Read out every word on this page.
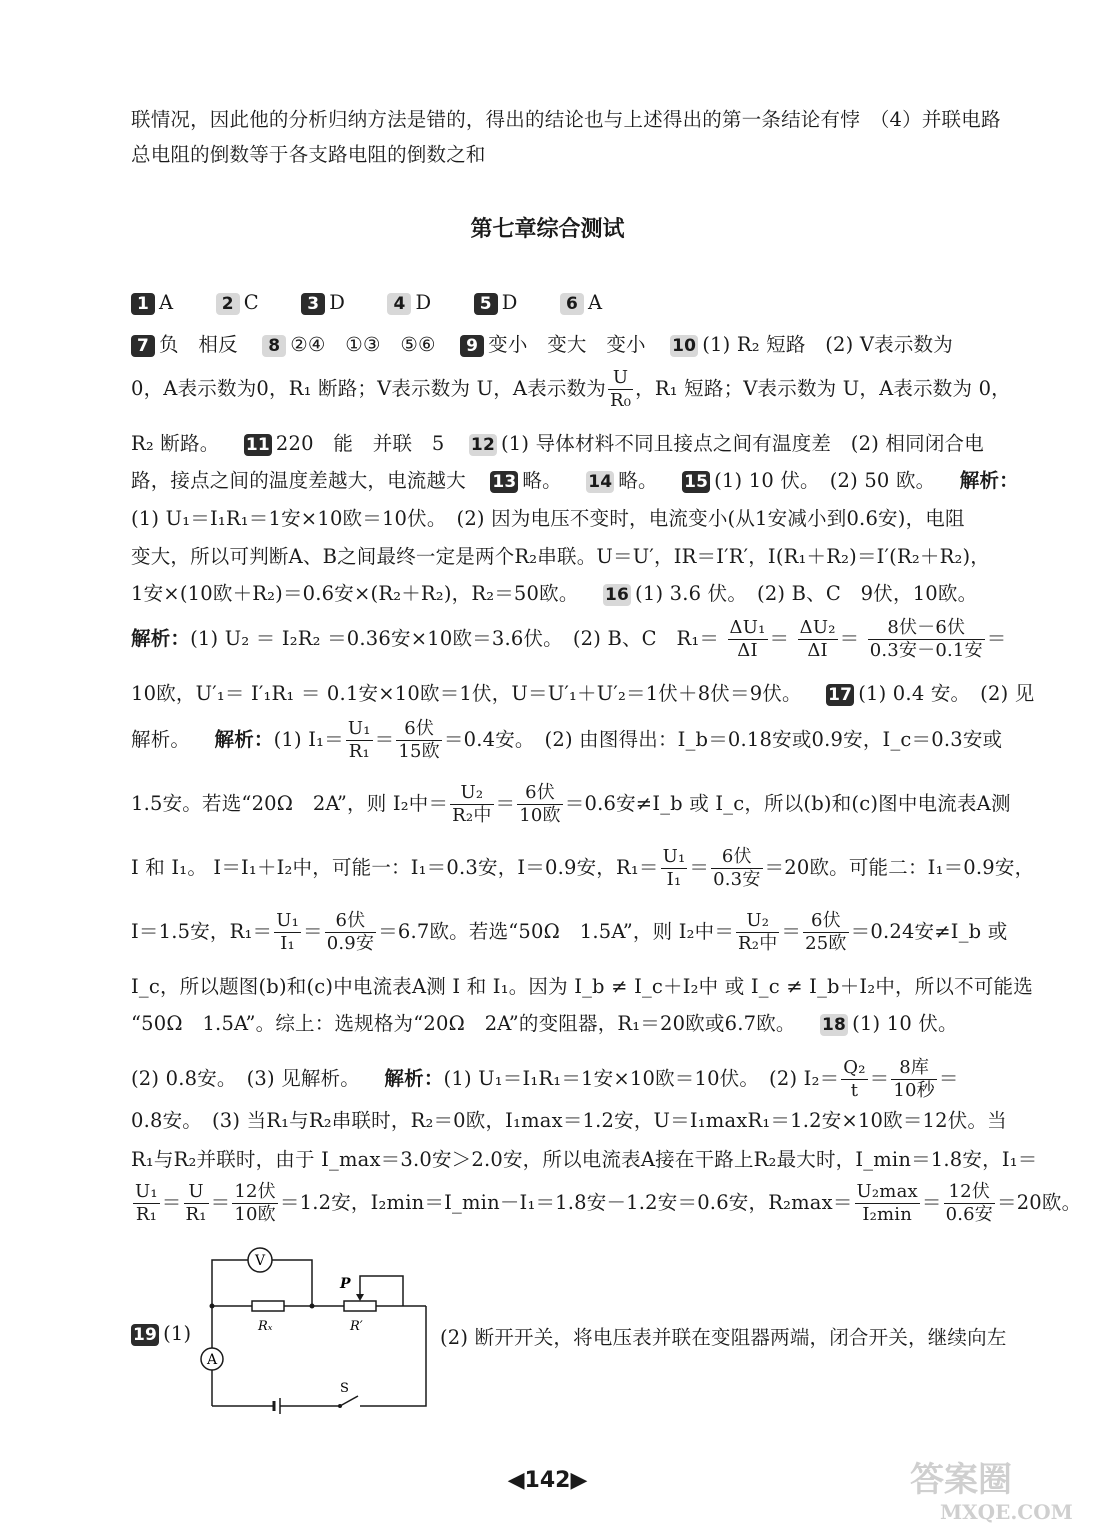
联情况，因此他的分析归纳方法是错的，得出的结论也与上述得出的第一条结论有悖　（4）并联电路
总电阻的倒数等于各支路电阻的倒数之和
第七章综合测试
1 A	2 C	3 D	4 D	5 D	6 A
7 负　相反 8 ②④　①③　⑤⑥ 9 变小　变大　变小 10 (1) R₂ 短路　(2) V表示数为
0，A表示数为0，R₁ 断路；V表示数为 U，A表示数为 $\frac{U}{\text{R₀}}$ ，R₁ 短路；V表示数为 U，A表示数为 0，
R₂ 断路。 11 220　能　并联　5 12 (1) 导体材料不同且接点之间有温度差　(2) 相同闭合电
路，接点之间的温度差越大，电流越大 13 略。 14 略。 15 (1) 10 伏。　(2) 50 欧。 解析：
(1) U₁＝I₁R₁＝1安×10欧＝10伏。　(2) 因为电压不变时，电流变小(从1安减小到0.6安)，电阻
变大，所以可判断A、B之间最终一定是两个R₂串联。U＝U′，IR＝I′R′，I(R₁＋R₂)＝I′(R₂＋R₂)，
1安×(10欧＋R₂)＝0.6安×(R₂＋R₂)，R₂＝50欧。 16 (1) 3.6 伏。　(2) B、C　9伏，10欧。
解析：(1) U₂ ＝ I₂R₂ ＝0.36安×10欧＝3.6伏。　(2) B、C　$R_1= \frac{\text{ΔU₁}}{\Delta I} = \frac{\text{ΔU₂}}{\Delta I} = \frac{\text{8伏－6伏}}{\text{0.3安－0.1安}}$ ＝
10欧，U′₁＝ I′₁R₁ ＝ 0.1安×10欧＝1伏，U＝U′₁＋U′₂＝1伏＋8伏＝9伏。 17 (1) 0.4 安。　(2) 见
解析。 解析：(1) $I_1= \frac{\text{U₁}}{\text{R₁}} = \frac{\text{6伏}}{\text{15欧}} =0.4$安。　(2) 由图得出：I_b＝0.18安或0.9安，I_c＝0.3安或
1.5安。若选“20Ω　2A”，则 I₂中＝ $\frac{\text{U₂}}{\text{R₂中}} = \frac{\text{6伏}}{\text{10欧}} =0.6$安≠I_b 或 I_c，所以(b)和(c)图中电流表A测
I 和 I₁。 I＝I₁＋I₂中，可能一：I₁＝0.3安，I＝0.9安，$R_1= \frac{\text{U₁}}{\text{I₁}} = \frac{\text{6伏}}{\text{0.3安}} =20$欧。可能二：I₁＝0.9安，
I＝1.5安，$R_1= \frac{\text{U₁}}{\text{I₁}} = \frac{\text{6伏}}{\text{0.9安}} =6.7$欧。若选“50Ω　1.5A”，则 I₂中＝ $\frac{\text{U₂}}{\text{R₂中}} = \frac{\text{6伏}}{\text{25欧}} =0.24$安≠I_b 或
I_c，所以题图(b)和(c)中电流表A测 I 和 I₁。因为 I_b ≠ I_c＋I₂中 或 I_c ≠ I_b＋I₂中，所以不可能选
“50Ω　1.5A”。综上：选规格为“20Ω　2A”的变阻器，R₁＝20欧或6.7欧。 18 (1) 10 伏。
(2) 0.8安。　(3) 见解析。 解析：(1) U₁＝I₁R₁＝1安×10欧＝10伏。　(2) $I_2= \frac{\text{Q₂}}{t} = \frac{\text{8库}}{\text{10秒}}$ ＝
0.8安。　(3) 当R₁与R₂串联时，R₂＝0欧，I₁max＝1.2安，U＝I₁maxR₁＝1.2安×10欧＝12伏。当
R₁与R₂并联时，由于 I_max＝3.0安＞2.0安，所以电流表A接在干路上R₂最大时，I_min＝1.8安，I₁＝
$\frac{\text{U₁}}{\text{R₁}} = \frac{U}{\text{R₁}} = \frac{\text{12伏}}{\text{10欧}} =1.2$安，I₂min＝I_min－I₁＝1.8安－1.2安＝0.6安，$R_2\max= \frac{\text{U₂max}}{\text{I₂min}} = \frac{\text{12伏}}{\text{0.6安}} =20$欧。
19 (1)	(2) 断开开关，将电压表并联在变阻器两端，闭合开关，继续向左
V
A
Rₓ	R′
P
S
◀142▶	答案圈
MXQE.COM
